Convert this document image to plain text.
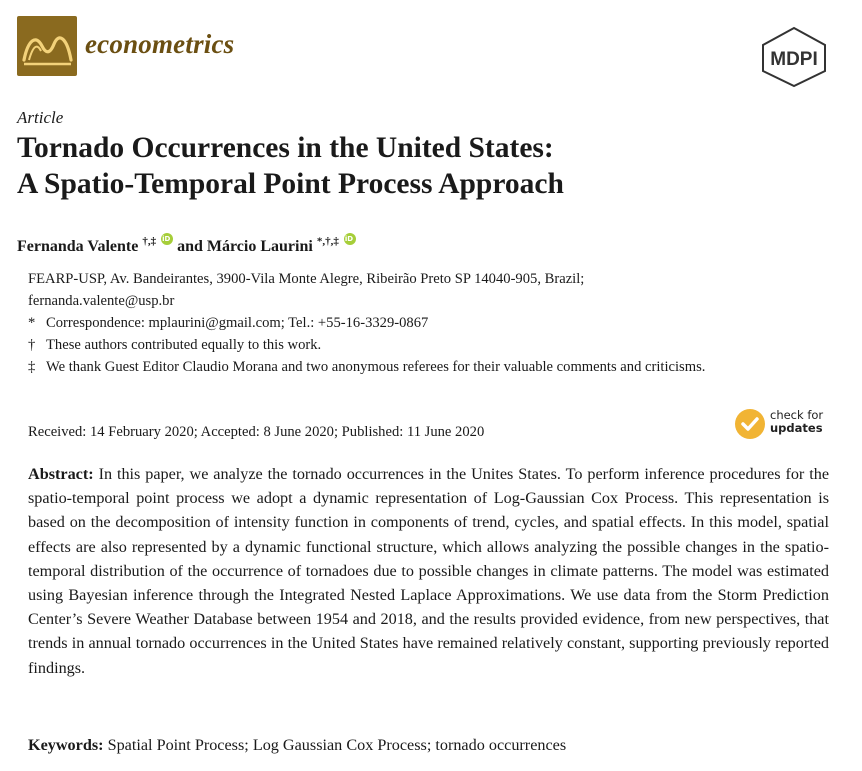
econometrics
MDPI
Article
Tornado Occurrences in the United States:
A Spatio-Temporal Point Process Approach
Fernanda Valente †,‡ iD and Márcio Laurini *,†,‡ iD
FEARP-USP, Av. Bandeirantes, 3900-Vila Monte Alegre, Ribeirão Preto SP 14040-905, Brazil;
fernanda.valente@usp.br
* Correspondence: mplaurini@gmail.com; Tel.: +55-16-3329-0867
† These authors contributed equally to this work.
‡ We thank Guest Editor Claudio Morana and two anonymous referees for their valuable comments and criticisms.
Received: 14 February 2020; Accepted: 8 June 2020; Published: 11 June 2020
check for
updates

Abstract: In this paper, we analyze the tornado occurrences in the Unites States. To perform inference procedures for the spatio-temporal point process we adopt a dynamic representation of Log-Gaussian Cox Process. This representation is based on the decomposition of intensity function in components of trend, cycles, and spatial effects. In this model, spatial effects are also represented by a dynamic functional structure, which allows analyzing the possible changes in the spatio-temporal distribution of the occurrence of tornadoes due to possible changes in climate patterns. The model was estimated using Bayesian inference through the Integrated Nested Laplace Approximations. We use data from the Storm Prediction Center’s Severe Weather Database between 1954 and 2018, and the results provided evidence, from new perspectives, that trends in annual tornado occurrences in the United States have remained relatively constant, supporting previously reported findings.

Keywords: Spatial Point Process; Log Gaussian Cox Process; tornado occurrences
